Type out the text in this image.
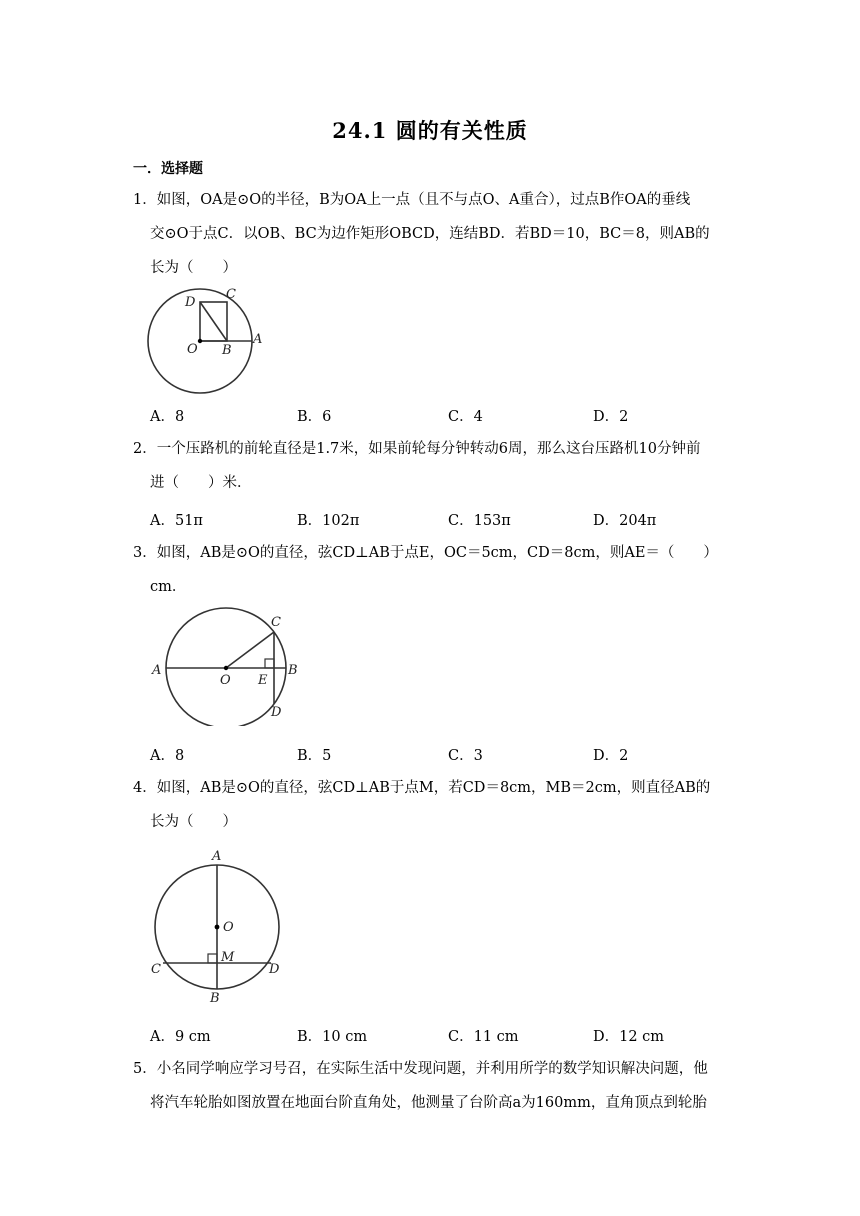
24.1 圆的有关性质
一．选择题
1．如图，OA是⊙O的半径，B为OA上一点（且不与点O、A重合），过点B作OA的垂线
交⊙O于点C．以OB、BC为边作矩形OBCD，连结BD．若BD＝10，BC＝8，则AB的
长为（　　）
D
C
O B
A
A．8	B．6	C．4	D．2
2．一个压路机的前轮直径是1.7米，如果前轮每分钟转动6周，那么这台压路机10分钟前
进（　　）米．
A．51π	B．102π	C．153π	D．204π
3．如图，AB是⊙O的直径，弦CD⊥AB于点E，OC＝5cm，CD＝8cm，则AE＝（　　）
cm．
A
O E
B
C
D
A．8	B．5	C．3	D．2
4．如图，AB是⊙O的直径，弦CD⊥AB于点M，若CD＝8cm，MB＝2cm，则直径AB的
长为（　　）
A
O
M
C	D
B
A．9 cm	B．10 cm	C．11 cm	D．12 cm
5．小名同学响应学习号召，在实际生活中发现问题，并利用所学的数学知识解决问题，他
将汽车轮胎如图放置在地面台阶直角处，他测量了台阶高a为160mm，直角顶点到轮胎
